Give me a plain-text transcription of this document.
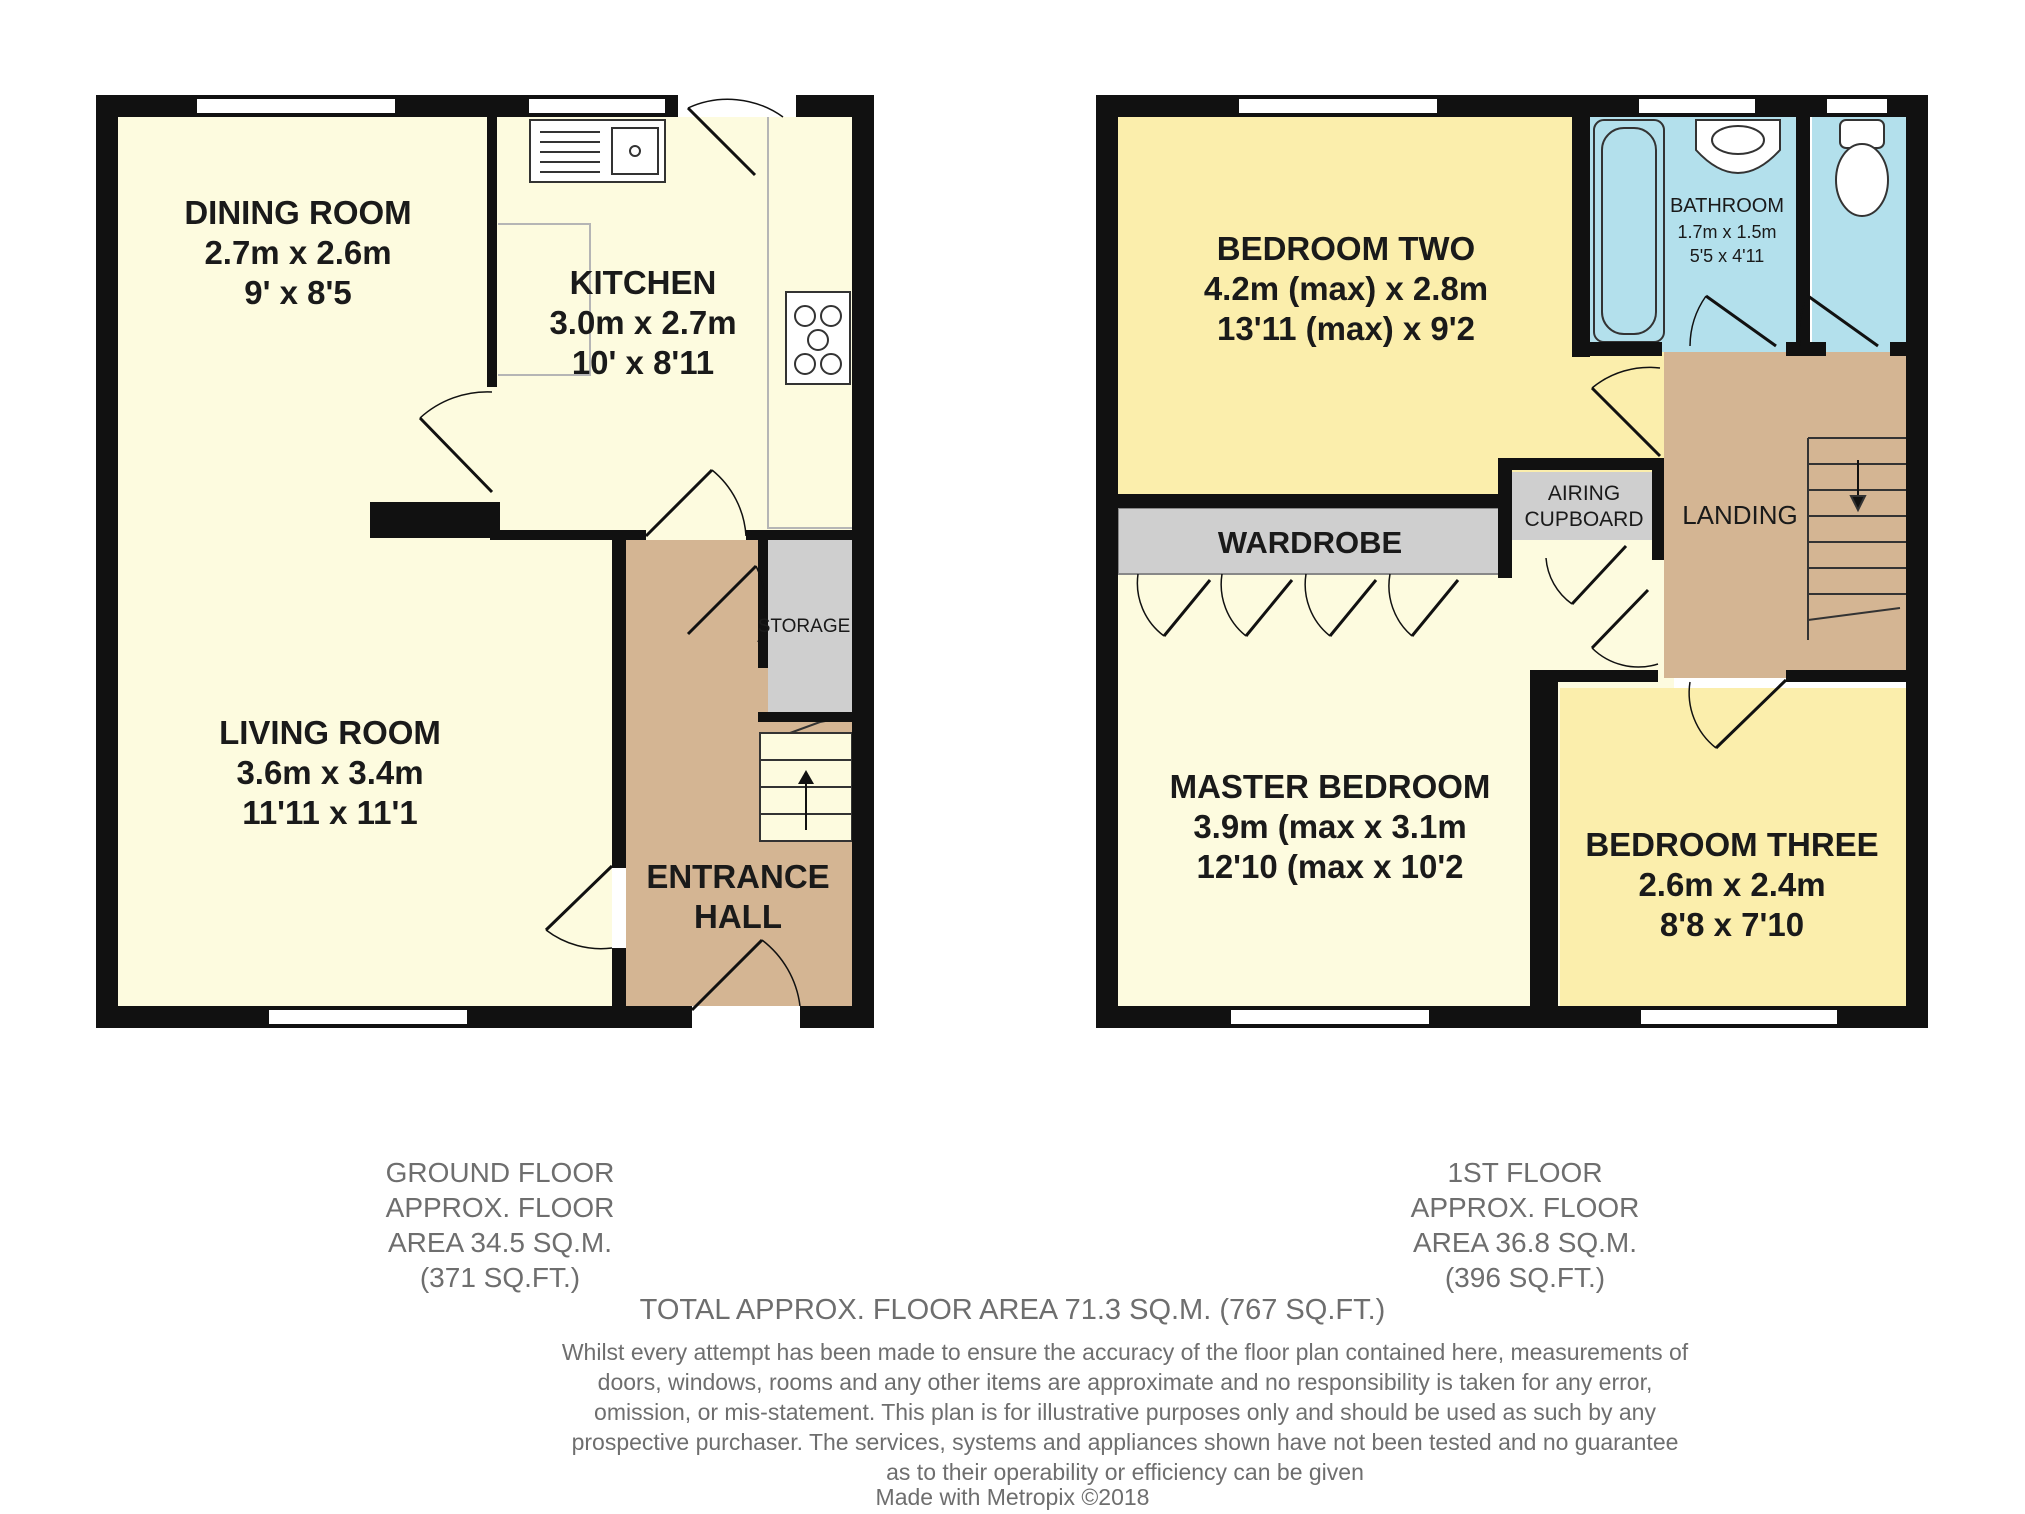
DINING ROOM
2.7m x 2.6m
9' x 8'5	KITCHEN
3.0m x 2.7m
10' x 8'11
LIVING ROOM
3.6m x 3.4m
11'11 x 11'1
ENTRANCE
HALL
STORAGE
BEDROOM TWO
4.2m (max) x 2.8m
13'11 (max) x 9'2
BATHROOM
1.7m x 1.5m
5'5 x 4'11
WARDROBE
AIRING
CUPBOARD LANDING
MASTER BEDROOM
3.9m (max x 3.1m
12'10 (max x 10'2
BEDROOM THREE
2.6m x 2.4m
8'8 x 7'10
GROUND FLOOR
APPROX. FLOOR
AREA 34.5 SQ.M.
(371 SQ.FT.)
1ST FLOOR
APPROX. FLOOR
AREA 36.8 SQ.M.
(396 SQ.FT.)
TOTAL APPROX. FLOOR AREA 71.3 SQ.M. (767 SQ.FT.)
Whilst every attempt has been made to ensure the accuracy of the floor plan contained here, measurements of doors, windows, rooms and any other items are approximate and no responsibility is taken for any error, omission, or mis-statement. This plan is for illustrative purposes only and should be used as such by any prospective purchaser. The services, systems and appliances shown have not been tested and no guarantee as to their operability or efficiency can be given
Made with Metropix ©2018
